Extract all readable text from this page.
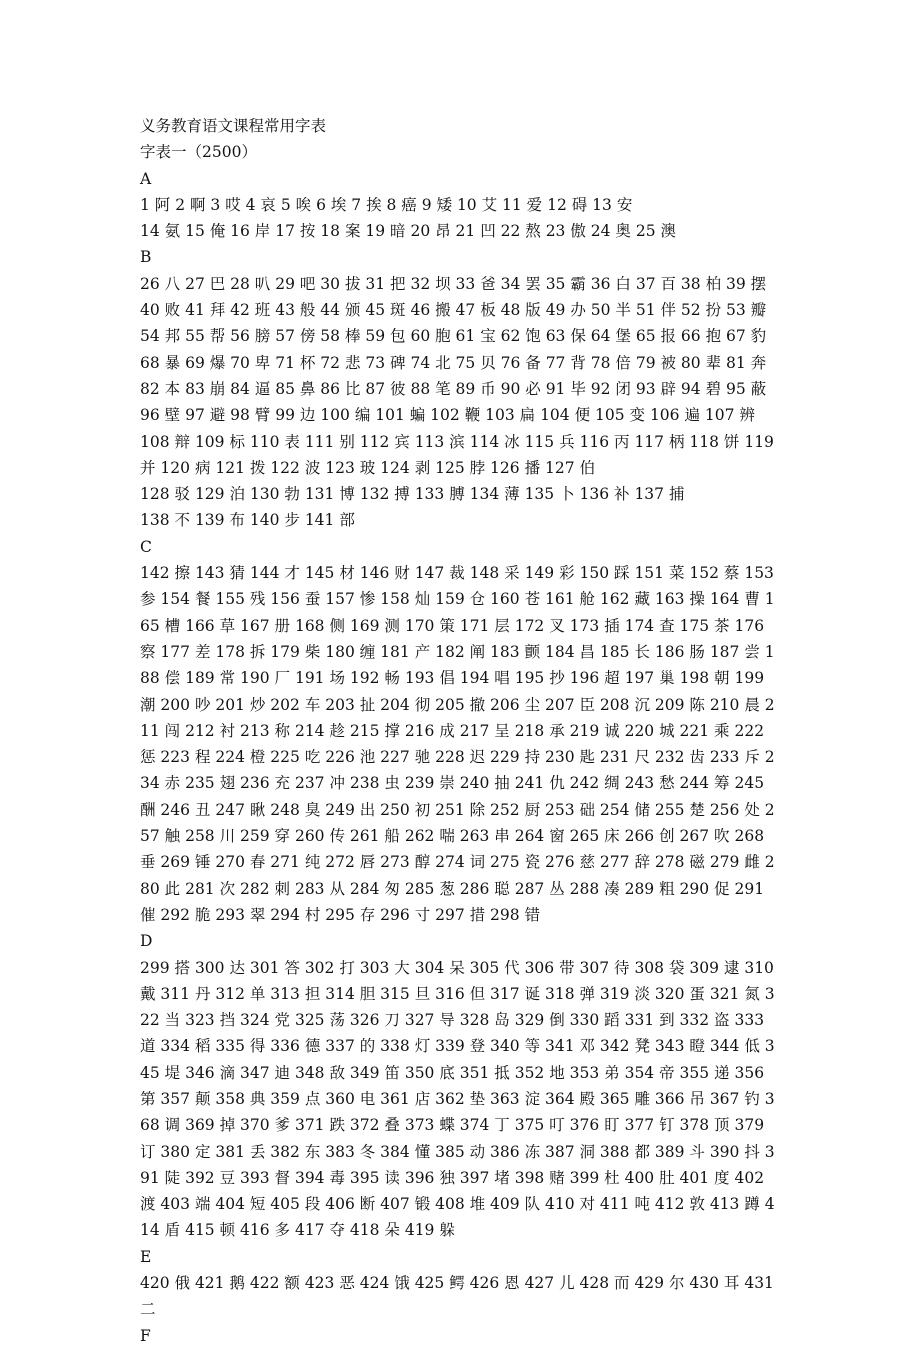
义务教育语文课程常用字表
字表一（2500）
A
1 阿 2 啊 3 哎 4 哀 5 唉 6 埃 7 挨 8 癌 9 矮 10 艾 11 爱 12 碍 13 安
14 氨 15 俺 16 岸 17 按 18 案 19 暗 20 昂 21 凹 22 熬 23 傲 24 奥 25 澳
B
26 八 27 巴 28 叭 29 吧 30 拔 31 把 32 坝 33 爸 34 罢 35 霸 36 白 37 百 38 柏 39 摆 40 败 41 拜 42 班 43 般 44 颁 45 斑 46 搬 47 板 48 版 49 办 50 半 51 伴 52 扮 53 瓣 54 邦 55 帮 56 膀 57 傍 58 棒 59 包 60 胞 61 宝 62 饱 63 保 64 堡 65 报 66 抱 67 豹 68 暴 69 爆 70 卑 71 杯 72 悲 73 碑 74 北 75 贝 76 备 77 背 78 倍 79 被 80 辈 81 奔 82 本 83 崩 84 逼 85 鼻 86 比 87 彼 88 笔 89 币 90 必 91 毕 92 闭 93 辟 94 碧 95 蔽 96 壁 97 避 98 臂 99 边 100 编 101 蝙 102 鞭 103 扁 104 便 105 变 106 遍 107 辨
108 辩 109 标 110 表 111 别 112 宾 113 滨 114 冰 115 兵 116 丙 117 柄 118 饼 119 并 120 病 121 拨 122 波 123 玻 124 剥 125 脖 126 播 127 伯
128 驳 129 泊 130 勃 131 博 132 搏 133 膊 134 薄 135 卜 136 补 137 捕
138 不 139 布 140 步 141 部
C
142 擦 143 猜 144 才 145 材 146 财 147 裁 148 采 149 彩 150 踩 151 菜 152 蔡 153 参 154 餐 155 残 156 蚕 157 惨 158 灿 159 仓 160 苍 161 舱 162 藏 163 操 164 曹 165 槽 166 草 167 册 168 侧 169 测 170 策 171 层 172 叉 173 插 174 查 175 茶 176 察 177 差 178 拆 179 柴 180 缠 181 产 182 阐 183 颤 184 昌 185 长 186 肠 187 尝 188 偿 189 常 190 厂 191 场 192 畅 193 倡 194 唱 195 抄 196 超 197 巢 198 朝 199 潮 200 吵 201 炒 202 车 203 扯 204 彻 205 撤 206 尘 207 臣 208 沉 209 陈 210 晨 211 闯 212 衬 213 称 214 趁 215 撑 216 成 217 呈 218 承 219 诚 220 城 221 乘 222 惩 223 程 224 橙 225 吃 226 池 227 驰 228 迟 229 持 230 匙 231 尺 232 齿 233 斥 234 赤 235 翅 236 充 237 冲 238 虫 239 崇 240 抽 241 仇 242 绸 243 愁 244 筹 245 酬 246 丑 247 瞅 248 臭 249 出 250 初 251 除 252 厨 253 础 254 储 255 楚 256 处 257 触 258 川 259 穿 260 传 261 船 262 喘 263 串 264 窗 265 床 266 创 267 吹 268 垂 269 锤 270 春 271 纯 272 唇 273 醇 274 词 275 瓷 276 慈 277 辞 278 磁 279 雌 280 此 281 次 282 刺 283 从 284 匆 285 葱 286 聪 287 丛 288 凑 289 粗 290 促 291 催 292 脆 293 翠 294 村 295 存 296 寸 297 措 298 错
D
299 搭 300 达 301 答 302 打 303 大 304 呆 305 代 306 带 307 待 308 袋 309 逮 310 戴 311 丹 312 单 313 担 314 胆 315 旦 316 但 317 诞 318 弹 319 淡 320 蛋 321 氮 322 当 323 挡 324 党 325 荡 326 刀 327 导 328 岛 329 倒 330 蹈 331 到 332 盗 333 道 334 稻 335 得 336 德 337 的 338 灯 339 登 340 等 341 邓 342 凳 343 瞪 344 低 345 堤 346 滴 347 迪 348 敌 349 笛 350 底 351 抵 352 地 353 弟 354 帝 355 递 356 第 357 颠 358 典 359 点 360 电 361 店 362 垫 363 淀 364 殿 365 雕 366 吊 367 钓 368 调 369 掉 370 爹 371 跌 372 叠 373 蝶 374 丁 375 叮 376 盯 377 钉 378 顶 379 订 380 定 381 丢 382 东 383 冬 384 懂 385 动 386 冻 387 洞 388 都 389 斗 390 抖 391 陡 392 豆 393 督 394 毒 395 读 396 独 397 堵 398 赌 399 杜 400 肚 401 度 402 渡 403 端 404 短 405 段 406 断 407 锻 408 堆 409 队 410 对 411 吨 412 敦 413 蹲 414 盾 415 顿 416 多 417 夺 418 朵 419 躲
E
420 俄 421 鹅 422 额 423 恶 424 饿 425 鳄 426 恩 427 儿 428 而 429 尔 430 耳 431 二
F
